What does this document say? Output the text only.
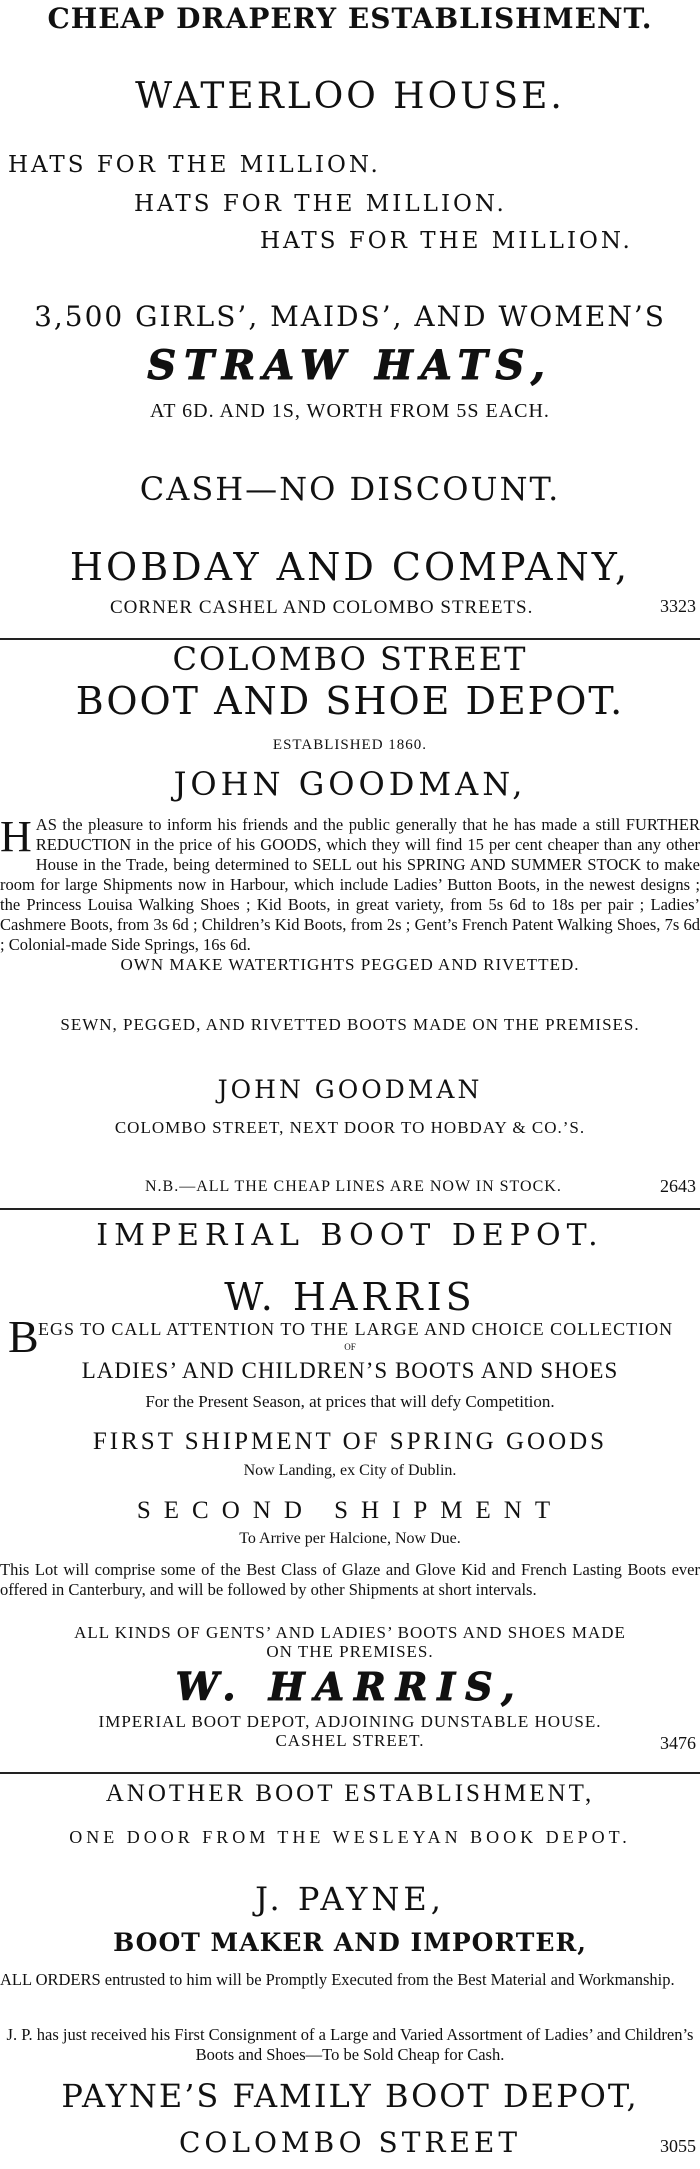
CHEAP DRAPERY ESTABLISHMENT.
WATERLOO HOUSE.
HATS FOR THE MILLION.
HATS FOR THE MILLION.
HATS FOR THE MILLION.
3,500 GIRLS’, MAIDS’, AND WOMEN’S
STRAW HATS,
AT 6D. AND 1S, WORTH FROM 5S EACH.
CASH—NO DISCOUNT.
HOBDAY AND COMPANY,
CORNER CASHEL AND COLOMBO STREETS.	3323
COLOMBO STREET
BOOT AND SHOE DEPOT.
ESTABLISHED 1860.
JOHN GOODMAN,
HAS the pleasure to inform his friends and the public generally that he has made a still FURTHER REDUCTION in the price of his GOODS, which they will find 15 per cent cheaper than any other House in the Trade, being determined to SELL out his SPRING AND SUMMER STOCK to make room for large Shipments now in Harbour, which include Ladies’ Button Boots, in the newest designs ; the Princess Louisa Walking Shoes ; Kid Boots, in great variety, from 5s 6d to 18s per pair ; Ladies’ Cashmere Boots, from 3s 6d ; Children’s Kid Boots, from 2s ; Gent’s French Patent Walking Shoes, 7s 6d ; Colonial-made Side Springs, 16s 6d.
OWN MAKE WATERTIGHTS PEGGED AND RIVETTED.
SEWN, PEGGED, AND RIVETTED BOOTS MADE ON THE PREMISES.
JOHN GOODMAN
COLOMBO STREET, NEXT DOOR TO HOBDAY & CO.’S.
N.B.—ALL THE CHEAP LINES ARE NOW IN STOCK.	2643
IMPERIAL BOOT DEPOT.
W. HARRIS
B EGS TO CALL ATTENTION TO THE LARGE AND CHOICE COLLECTION
OF
LADIES’ AND CHILDREN’S BOOTS AND SHOES
For the Present Season, at prices that will defy Competition.
FIRST SHIPMENT OF SPRING GOODS
Now Landing, ex City of Dublin.
SECOND SHIPMENT
To Arrive per Halcione, Now Due.
This Lot will comprise some of the Best Class of Glaze and Glove Kid and French Lasting Boots ever offered in Canterbury, and will be followed by other Shipments at short intervals.
ALL KINDS OF GENTS’ AND LADIES’ BOOTS AND SHOES MADE
ON THE PREMISES.
W. HARRIS,
IMPERIAL BOOT DEPOT, ADJOINING DUNSTABLE HOUSE.
CASHEL STREET.	3476
ANOTHER BOOT ESTABLISHMENT,
ONE DOOR FROM THE WESLEYAN BOOK DEPOT.
J. PAYNE,
BOOT MAKER AND IMPORTER,
ALL ORDERS entrusted to him will be Promptly Executed from the Best Material and Workmanship.
J. P. has just received his First Consignment of a Large and Varied Assortment of Ladies’ and Children’s Boots and Shoes—To be Sold Cheap for Cash.
PAYNE’S FAMILY BOOT DEPOT,
COLOMBO STREET	3055
